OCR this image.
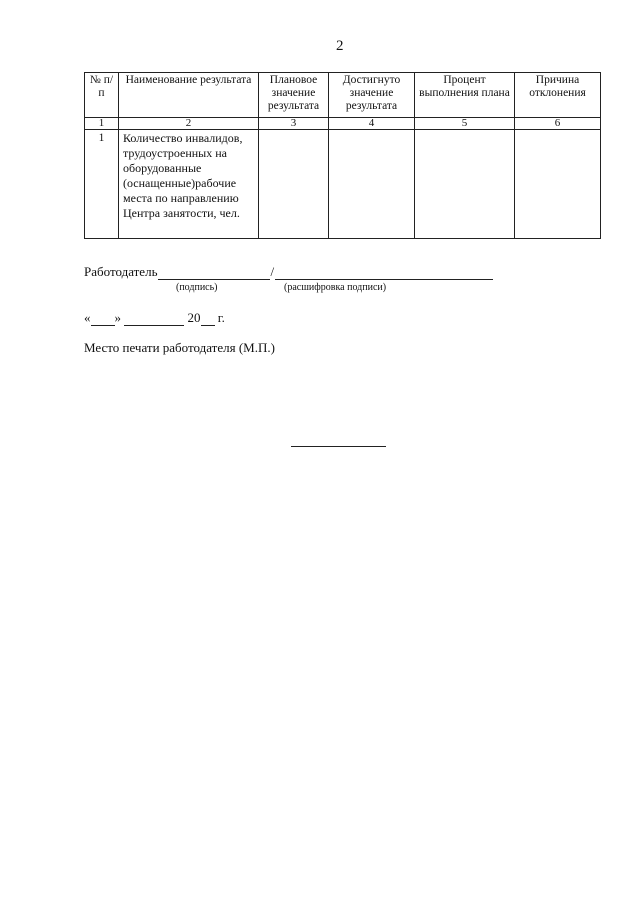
2
№ п/п	Наименование результата	Плановое значение результата	Достигнуто значение результата	Процент выполнения плана	Причина отклонения
1	2	3	4	5	6
1	Количество инвалидов, трудоустроенных на оборудованные (оснащенные)рабочие места по направлению Центра занятости, чел.				
Работодатель	/
(подпись)	(расшифровка подписи)
« »	20 г.
Место печати работодателя (М.П.)
